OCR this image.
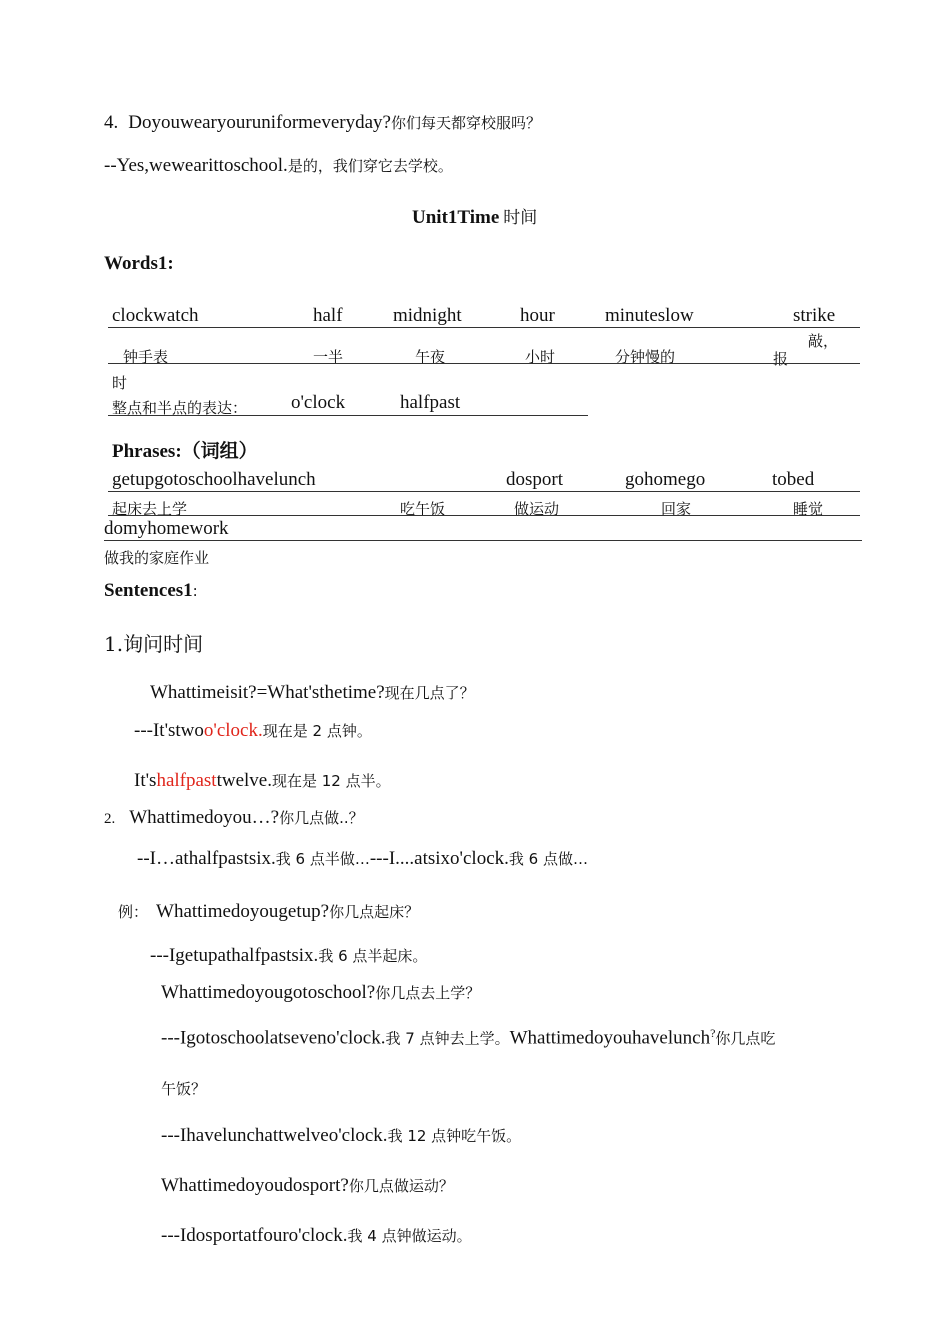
4. Doyouwearyouruniformeveryday?你们每天都穿校服吗？
--Yes,wewearittoschool.是的，我们穿它去学校。
Unit1Time 时间
Words1:
clockwatch	half	midnight	hour	minuteslow	strike
钟手表	一半	午夜	小时	分钟慢的
敲，
报
时
整点和半点的表达： o'clock	halfpast
Phrases:（词组）
getupgotoschoolhavelunch	dosport	gohomego	tobed
起床去上学	吃午饭	做运动	回家	睡觉
domyhomework
做我的家庭作业
Sentences1:
1.询问时间
Whattimeisit?=What'sthetime?现在几点了？
---It'stwoo'clock.现在是 2 点钟。
It'shalfpasttwelve.现在是 12 点半。
2. Whattimedoyou…?你几点做..？
--I…athalfpastsix.我 6 点半做…---I....atsixo'clock.我 6 点做…
例： Whattimedoyougetup?你几点起床？
---Igetupathalfpastsix.我 6 点半起床。
Whattimedoyougotoschool?你几点去上学？
---Igotoschoolatseveno'clock.我 7 点钟去上学。Whattimedoyouhavelunch?你几点吃
午饭？
---Ihavelunchattwelveo'clock.我 12 点钟吃午饭。
Whattimedoyoudosport?你几点做运动？
---Idosportatfouro'clock.我 4 点钟做运动。
